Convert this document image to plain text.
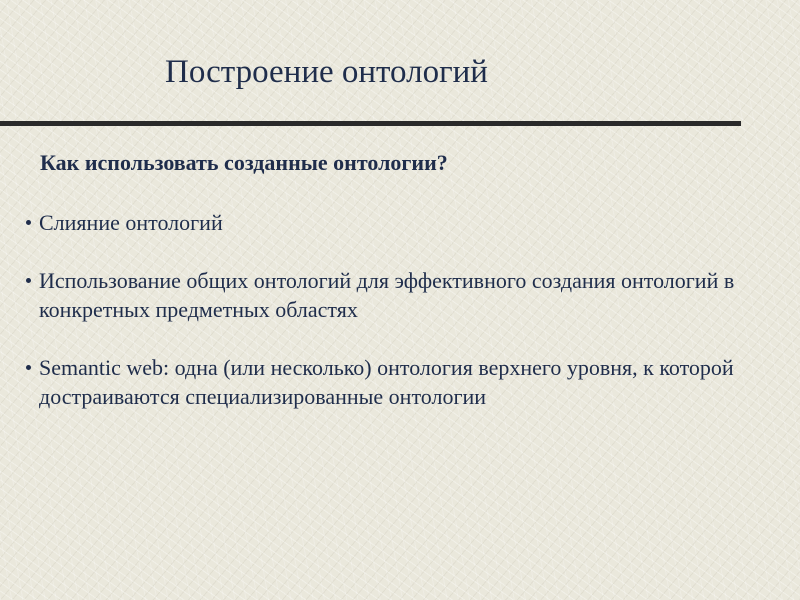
Построение онтологий
Как использовать созданные онтологии?
Слияние онтологий
Использование общих онтологий для эффективного создания онтологий в конкретных предметных областях
Semantic web: одна (или несколько) онтология верхнего уровня, к которой достраиваются специализированные онтологии
